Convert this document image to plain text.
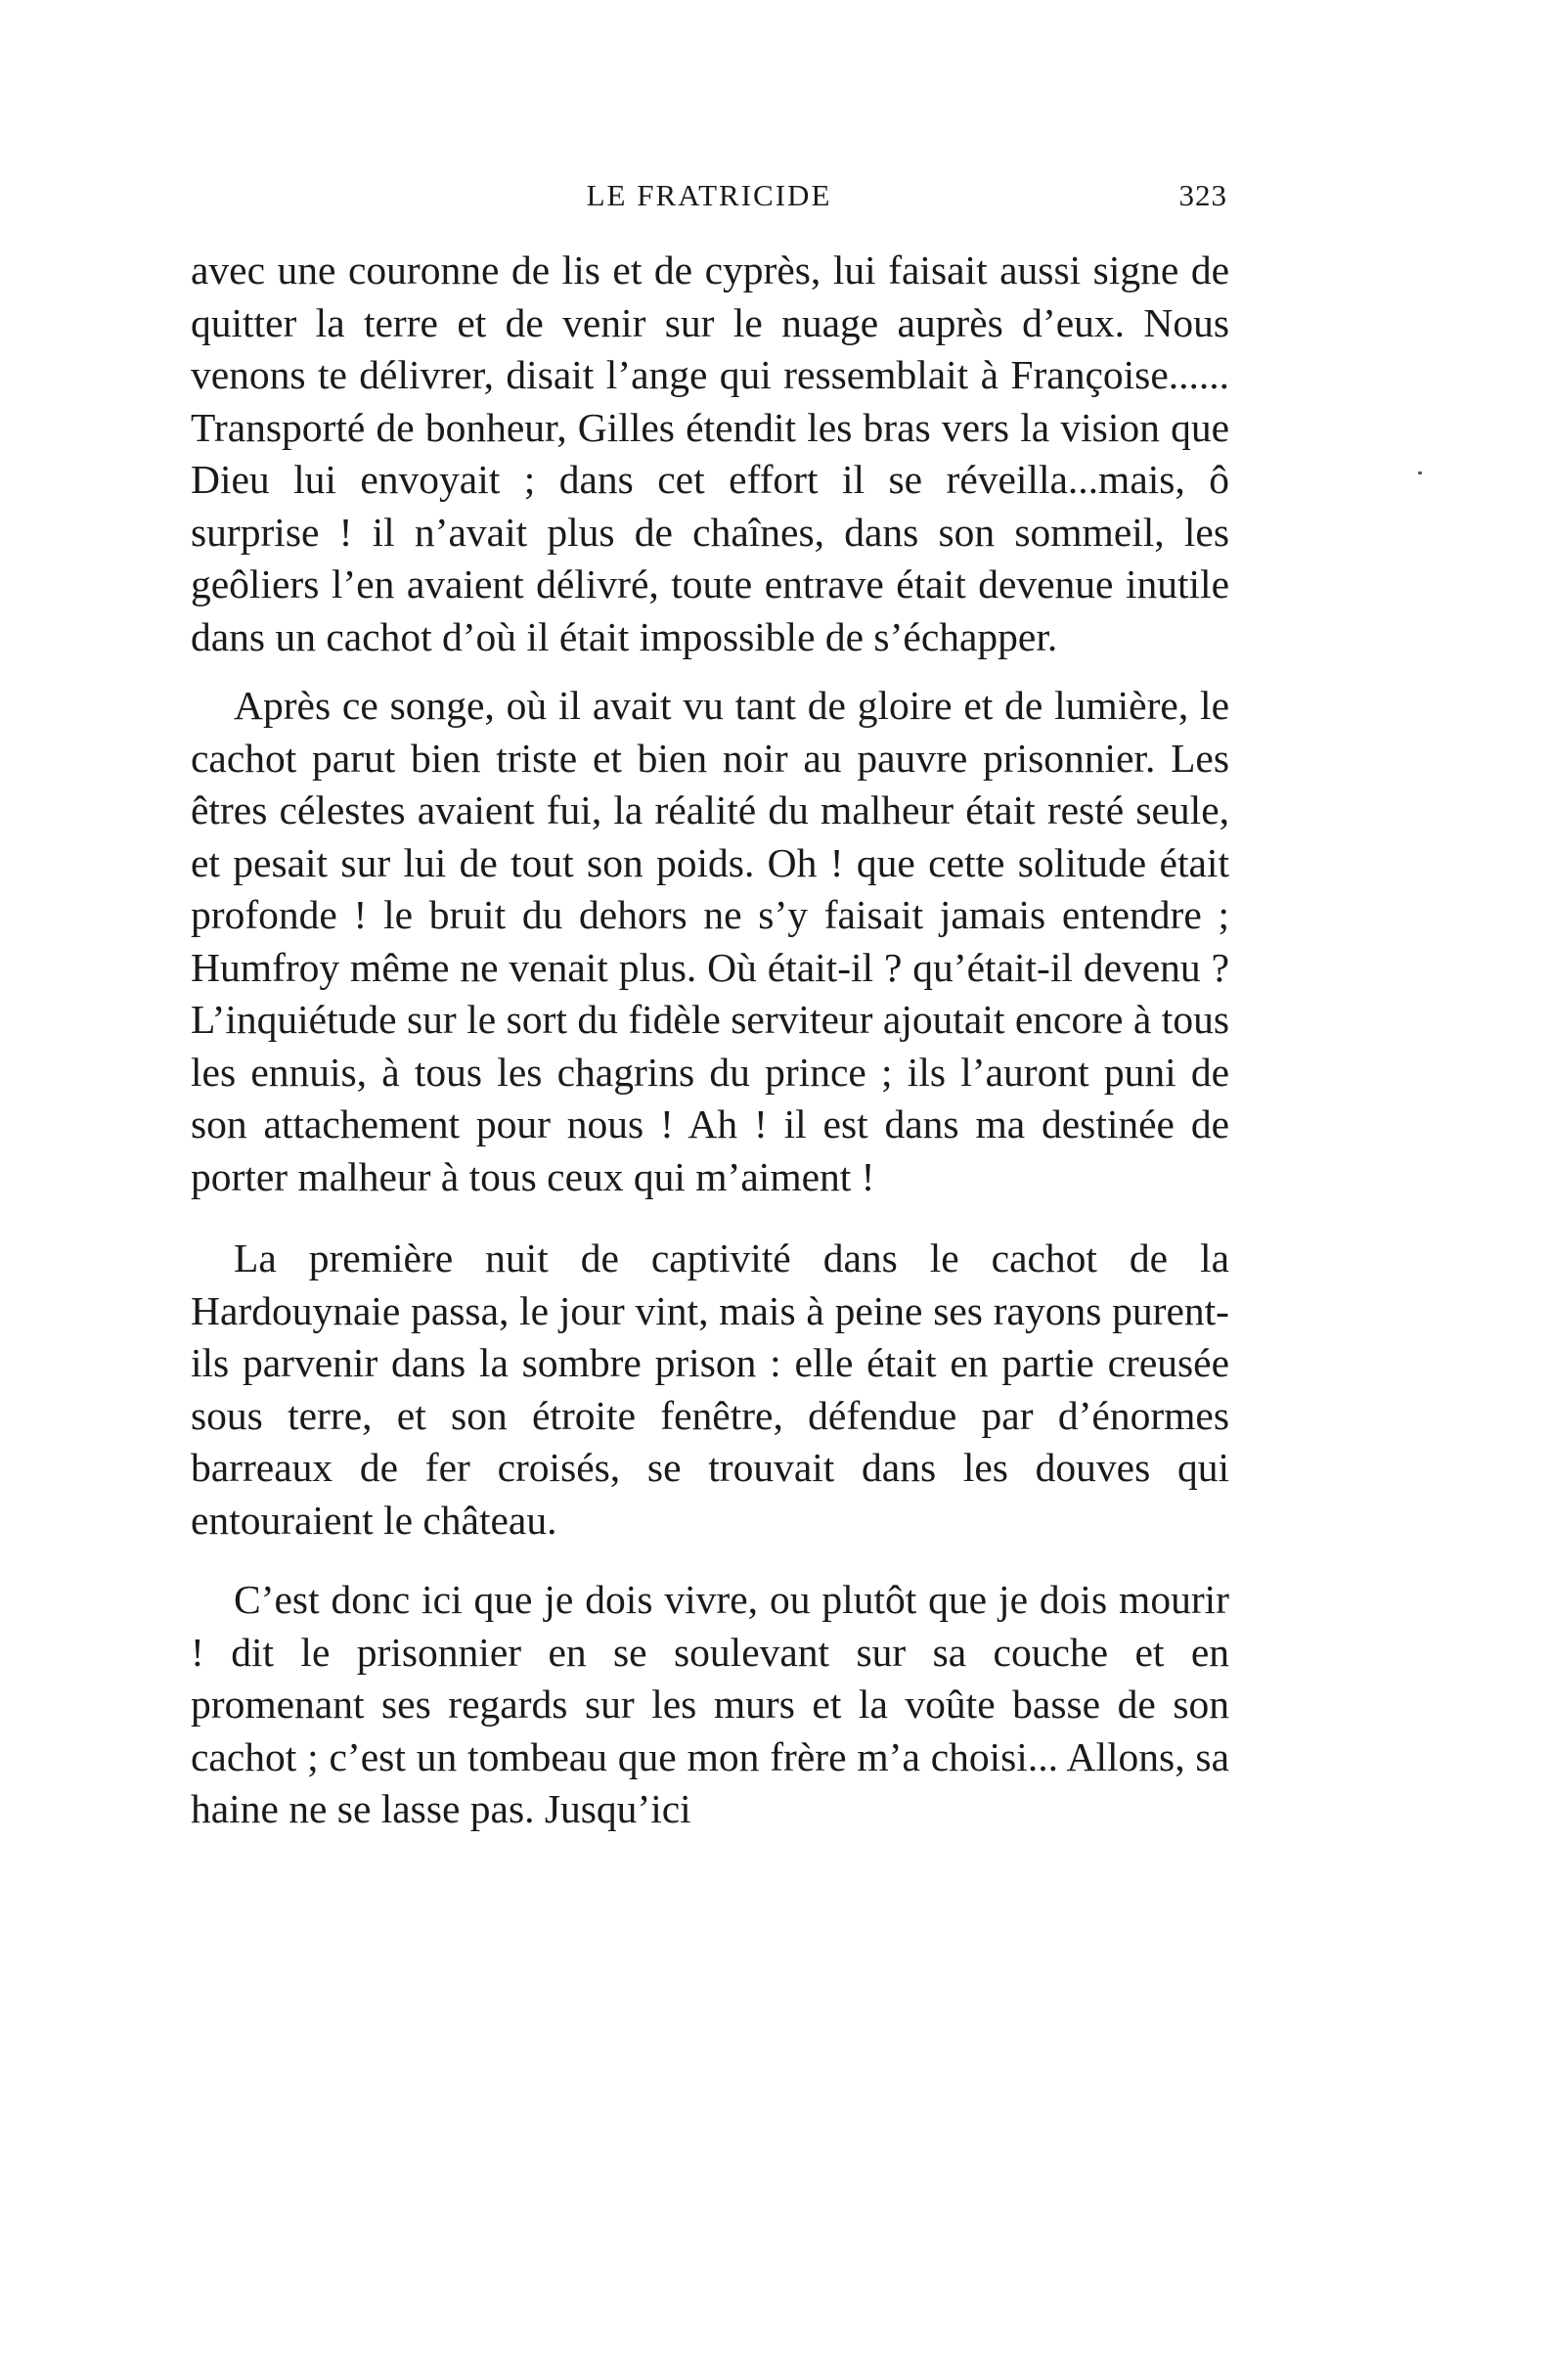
LE FRATRICIDE	323

avec une couronne de lis et de cyprès, lui faisait aussi signe de quitter la terre et de venir sur le nuage auprès d’eux. Nous venons te délivrer, disait l’ange qui ressemblait à Françoise...... Transporté de bonheur, Gilles étendit les bras vers la vision que Dieu lui envoyait ; dans cet effort il se réveilla...mais, ô surprise ! il n’avait plus de chaînes, dans son sommeil, les geôliers l’en avaient délivré, toute entrave était devenue inutile dans un cachot d’où il était impossible de s’échapper.

Après ce songe, où il avait vu tant de gloire et de lumière, le cachot parut bien triste et bien noir au pauvre prisonnier. Les êtres célestes avaient fui, la réalité du malheur était resté seule, et pesait sur lui de tout son poids. Oh ! que cette solitude était profonde ! le bruit du dehors ne s’y faisait jamais entendre ; Humfroy même ne venait plus. Où était-il ? qu’était-il devenu ? L’inquiétude sur le sort du fidèle serviteur ajoutait encore à tous les ennuis, à tous les chagrins du prince ; ils l’auront puni de son attachement pour nous ! Ah ! il est dans ma destinée de porter malheur à tous ceux qui m’aiment !

La première nuit de captivité dans le cachot de la Hardouynaie passa, le jour vint, mais à peine ses rayons purent-ils parvenir dans la sombre prison : elle était en partie creusée sous terre, et son étroite fenêtre, défendue par d’énormes barreaux de fer croisés, se trouvait dans les douves qui entouraient le château.

C’est donc ici que je dois vivre, ou plutôt que je dois mourir ! dit le prisonnier en se soulevant sur sa couche et en promenant ses regards sur les murs et la voûte basse de son cachot ; c’est un tombeau que mon frère m’a choisi... Allons, sa haine ne se lasse pas. Jusqu’ici
